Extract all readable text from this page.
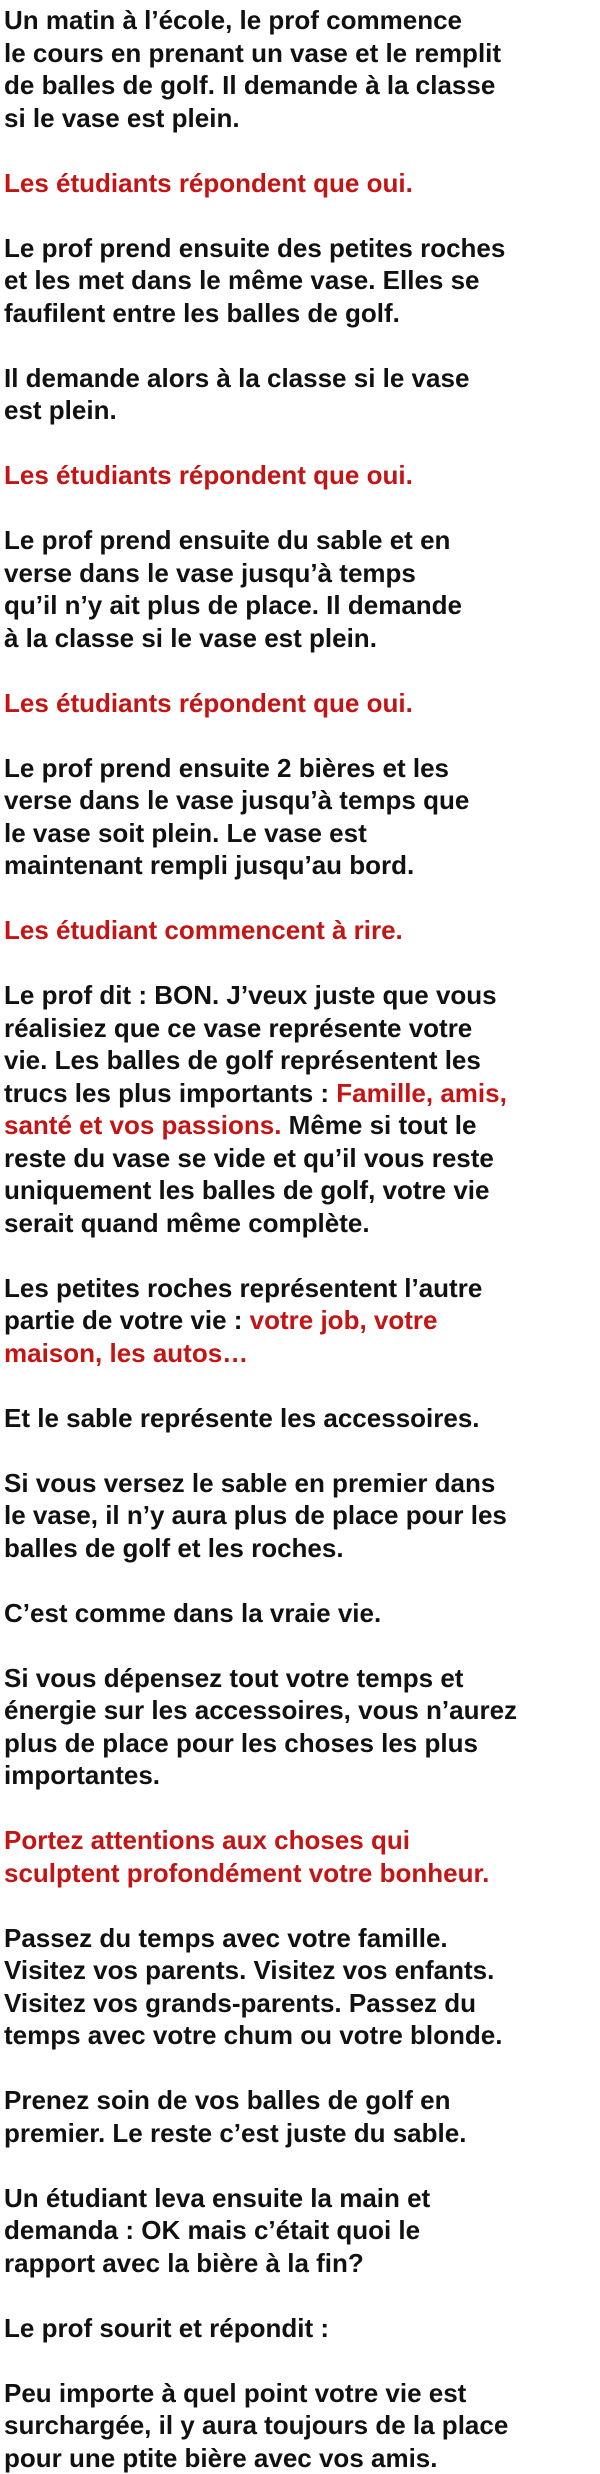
Un matin à l’école, le prof commence
le cours en prenant un vase et le remplit
de balles de golf. Il demande à la classe
si le vase est plein.

Les étudiants répondent que oui.

Le prof prend ensuite des petites roches
et les met dans le même vase. Elles se
faufilent entre les balles de golf.

Il demande alors à la classe si le vase
est plein.

Les étudiants répondent que oui.

Le prof prend ensuite du sable et en
verse dans le vase jusqu’à temps
qu’il n’y ait plus de place. Il demande
à la classe si le vase est plein.

Les étudiants répondent que oui.

Le prof prend ensuite 2 bières et les
verse dans le vase jusqu’à temps que
le vase soit plein. Le vase est
maintenant rempli jusqu’au bord.

Les étudiant commencent à rire.

Le prof dit : BON. J’veux juste que vous
réalisiez que ce vase représente votre
vie. Les balles de golf représentent les
trucs les plus importants : Famille, amis,
santé et vos passions. Même si tout le
reste du vase se vide et qu’il vous reste
uniquement les balles de golf, votre vie
serait quand même complète.

Les petites roches représentent l’autre
partie de votre vie : votre job, votre
maison, les autos…

Et le sable représente les accessoires.

Si vous versez le sable en premier dans
le vase, il n’y aura plus de place pour les
balles de golf et les roches.

C’est comme dans la vraie vie.

Si vous dépensez tout votre temps et
énergie sur les accessoires, vous n’aurez
plus de place pour les choses les plus
importantes.

Portez attentions aux choses qui
sculptent profondément votre bonheur.

Passez du temps avec votre famille.
Visitez vos parents. Visitez vos enfants.
Visitez vos grands-parents. Passez du
temps avec votre chum ou votre blonde.

Prenez soin de vos balles de golf en
premier. Le reste c’est juste du sable.

Un étudiant leva ensuite la main et
demanda : OK mais c’était quoi le
rapport avec la bière à la fin?

Le prof sourit et répondit :

Peu importe à quel point votre vie est
surchargée, il y aura toujours de la place
pour une ptite bière avec vos amis.
